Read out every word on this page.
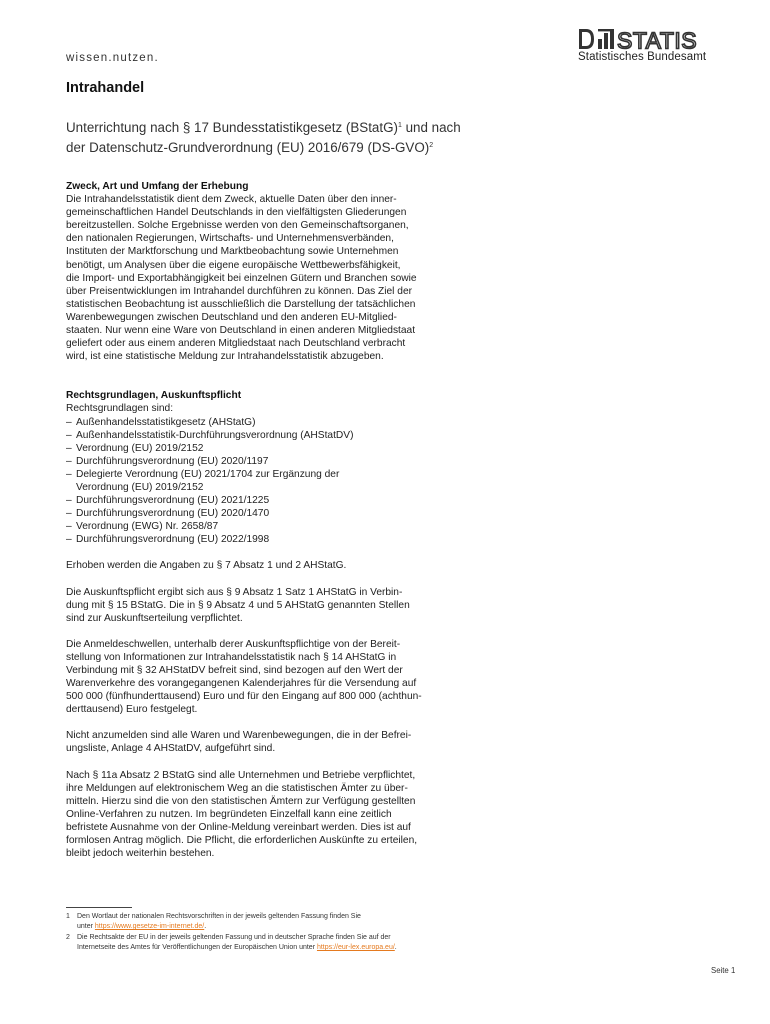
wissen.nutzen.
STATIS
Statistisches Bundesamt
Intrahandel
Unterrichtung nach § 17 Bundesstatistikgesetz (BStatG)$^1$ und nach
der Datenschutz-Grundverordnung (EU) 2016/679 $(DS-GVO)^2$
Zweck, Art und Umfang der Erhebung
Die Intrahandelsstatistik dient dem Zweck, aktuelle Daten über den inner-
gemeinschaftlichen Handel Deutschlands in den vielfältigsten Gliederungen
bereitzustellen. Solche Ergebnisse werden von den Gemeinschaftsorganen,
den nationalen Regierungen, Wirtschafts- und Unternehmensverbänden,
Instituten der Marktforschung und Marktbeobachtung sowie Unternehmen
benötigt, um Analysen über die eigene europäische Wettbewerbsfähigkeit,
die Import- und Exportabhängigkeit bei einzelnen Gütern und Branchen sowie
über Preisentwicklungen im Intrahandel durchführen zu können. Das Ziel der
statistischen Beobachtung ist ausschließlich die Darstellung der tatsächlichen
Warenbewegungen zwischen Deutschland und den anderen EU-Mitglied-
staaten. Nur wenn eine Ware von Deutschland in einen anderen Mitgliedstaat
geliefert oder aus einem anderen Mitgliedstaat nach Deutschland verbracht
wird, ist eine statistische Meldung zur Intrahandelsstatistik abzugeben.
Rechtsgrundlagen, Auskunftspflicht
Rechtsgrundlagen sind:
– Außenhandelsstatistikgesetz (AHStatG)
– Außenhandelsstatistik-Durchführungsverordnung (AHStatDV)
– Verordnung (EU) 2019/2152
– Durchführungsverordnung (EU) 2020/1197
– Delegierte Verordnung (EU) 2021/1704 zur Ergänzung der
Verordnung (EU) 2019/2152
– Durchführungsverordnung (EU) 2021/1225
– Durchführungsverordnung (EU) 2020/1470
– Verordnung (EWG) Nr. 2658/87
– Durchführungsverordnung (EU) 2022/1998

Erhoben werden die Angaben zu § 7 Absatz 1 und 2 AHStatG.

Die Auskunftspflicht ergibt sich aus § 9 Absatz 1 Satz 1 AHStatG in Verbin-
dung mit § 15 BStatG. Die in § 9 Absatz 4 und 5 AHStatG genannten Stellen
sind zur Auskunftserteilung verpflichtet.
Die Anmeldeschwellen, unterhalb derer Auskunftspflichtige von der Bereit-
stellung von Informationen zur Intrahandelsstatistik nach § 14 AHStatG in
Verbindung mit § 32 AHStatDV befreit sind, sind bezogen auf den Wert der
Warenverkehre des vorangegangenen Kalenderjahres für die Versendung auf
500 000 (fünfhunderttausend) Euro und für den Eingang auf 800 000 (achthun-
derttausend) Euro festgelegt.
Nicht anzumelden sind alle Waren und Warenbewegungen, die in der Befrei-
ungsliste, Anlage 4 AHStatDV, aufgeführt sind.
Nach § 11a Absatz 2 BStatG sind alle Unternehmen und Betriebe verpflichtet,
ihre Meldungen auf elektronischem Weg an die statistischen Ämter zu über-
mitteln. Hierzu sind die von den statistischen Ämtern zur Verfügung gestellten
Online-Verfahren zu nutzen. Im begründeten Einzelfall kann eine zeitlich
befristete Ausnahme von der Online-Meldung vereinbart werden. Dies ist auf
formlosen Antrag möglich. Die Pflicht, die erforderlichen Auskünfte zu erteilen,
bleibt jedoch weiterhin bestehen.
1 Den Wortlaut der nationalen Rechtsvorschriften in der jeweils geltenden Fassung finden Sie
unter https://www.gesetze-im-internet.de/.
2 Die Rechtsakte der EU in der jeweils geltenden Fassung und in deutscher Sprache finden Sie auf der
Internetseite des Amtes für Veröffentlichungen der Europäischen Union unter https://eur-lex.europa.eu/.
Seite 1
